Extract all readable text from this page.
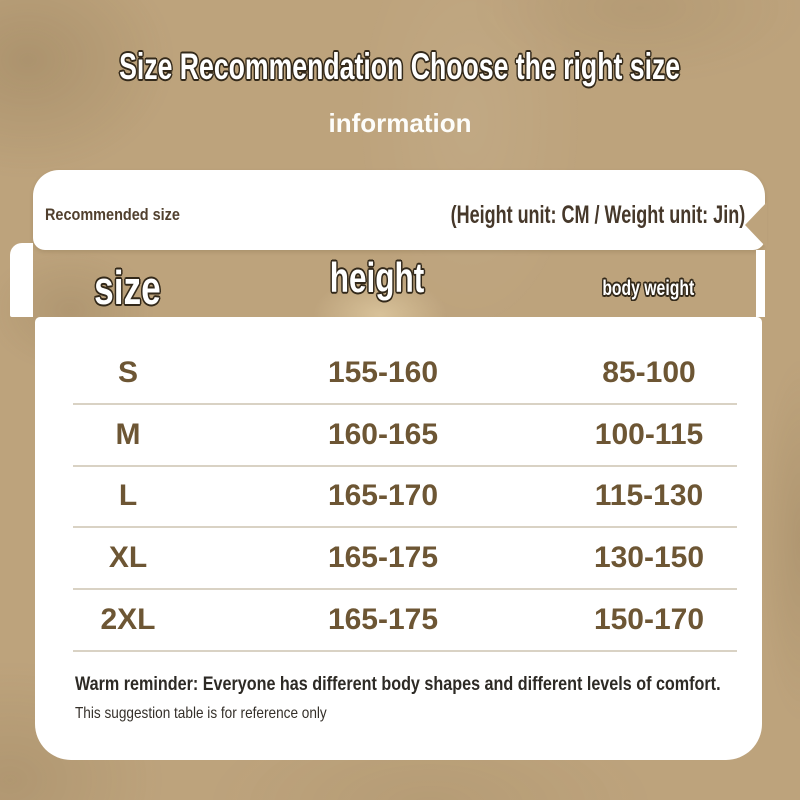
Size Recommendation Choose the right size
information
Recommended size	(Height unit: CM / Weight unit: Jin)
size	height	body weight
S	155-160	85-100
M	160-165	100-115
L	165-170	115-130
XL	165-175	130-150
2XL	165-175	150-170
Warm reminder: Everyone has different body shapes and different levels of comfort.
This suggestion table is for reference only
